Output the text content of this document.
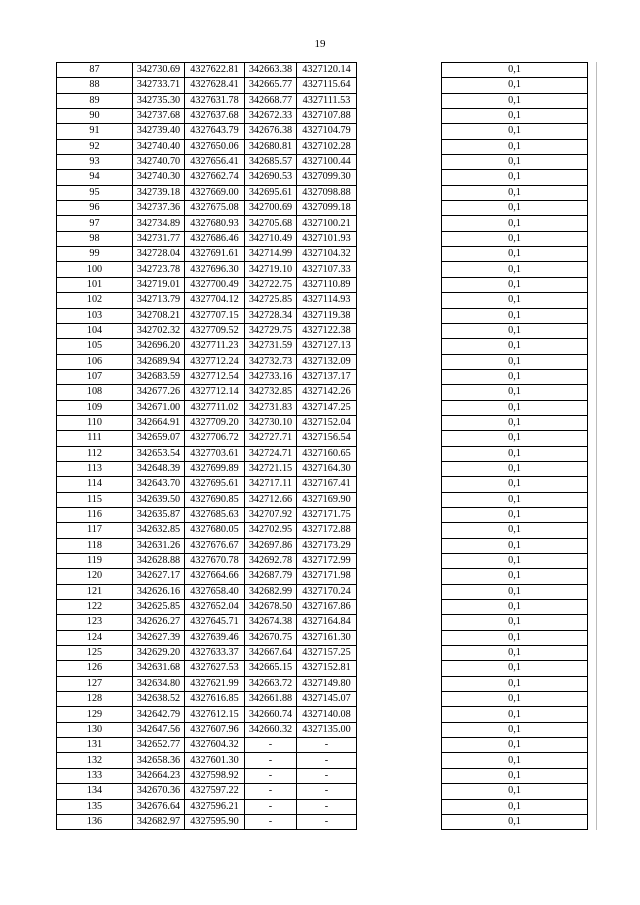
19
87	342730.69	4327622.81	342663.38	4327120.14		0,1
88	342733.71	4327628.41	342665.77	4327115.64		0,1
89	342735.30	4327631.78	342668.77	4327111.53		0,1
90	342737.68	4327637.68	342672.33	4327107.88		0,1
91	342739.40	4327643.79	342676.38	4327104.79		0,1
92	342740.40	4327650.06	342680.81	4327102.28		0,1
93	342740.70	4327656.41	342685.57	4327100.44		0,1
94	342740.30	4327662.74	342690.53	4327099.30		0,1
95	342739.18	4327669.00	342695.61	4327098.88		0,1
96	342737.36	4327675.08	342700.69	4327099.18		0,1
97	342734.89	4327680.93	342705.68	4327100.21		0,1
98	342731.77	4327686.46	342710.49	4327101.93		0,1
99	342728.04	4327691.61	342714.99	4327104.32		0,1
100	342723.78	4327696.30	342719.10	4327107.33		0,1
101	342719.01	4327700.49	342722.75	4327110.89		0,1
102	342713.79	4327704.12	342725.85	4327114.93		0,1
103	342708.21	4327707.15	342728.34	4327119.38		0,1
104	342702.32	4327709.52	342729.75	4327122.38		0,1
105	342696.20	4327711.23	342731.59	4327127.13		0,1
106	342689.94	4327712.24	342732.73	4327132.09		0,1
107	342683.59	4327712.54	342733.16	4327137.17		0,1
108	342677.26	4327712.14	342732.85	4327142.26		0,1
109	342671.00	4327711.02	342731.83	4327147.25		0,1
110	342664.91	4327709.20	342730.10	4327152.04		0,1
111	342659.07	4327706.72	342727.71	4327156.54		0,1
112	342653.54	4327703.61	342724.71	4327160.65		0,1
113	342648.39	4327699.89	342721.15	4327164.30		0,1
114	342643.70	4327695.61	342717.11	4327167.41		0,1
115	342639.50	4327690.85	342712.66	4327169.90		0,1
116	342635.87	4327685.63	342707.92	4327171.75		0,1
117	342632.85	4327680.05	342702.95	4327172.88		0,1
118	342631.26	4327676.67	342697.86	4327173.29		0,1
119	342628.88	4327670.78	342692.78	4327172.99		0,1
120	342627.17	4327664.66	342687.79	4327171.98		0,1
121	342626.16	4327658.40	342682.99	4327170.24		0,1
122	342625.85	4327652.04	342678.50	4327167.86		0,1
123	342626.27	4327645.71	342674.38	4327164.84		0,1
124	342627.39	4327639.46	342670.75	4327161.30		0,1
125	342629.20	4327633.37	342667.64	4327157.25		0,1
126	342631.68	4327627.53	342665.15	4327152.81		0,1
127	342634.80	4327621.99	342663.72	4327149.80		0,1
128	342638.52	4327616.85	342661.88	4327145.07		0,1
129	342642.79	4327612.15	342660.74	4327140.08		0,1
130	342647.56	4327607.96	342660.32	4327135.00		0,1
131	342652.77	4327604.32	-	-		0,1
132	342658.36	4327601.30	-	-		0,1
133	342664.23	4327598.92	-	-		0,1
134	342670.36	4327597.22	-	-		0,1
135	342676.64	4327596.21	-	-		0,1
136	342682.97	4327595.90	-	-		0,1
